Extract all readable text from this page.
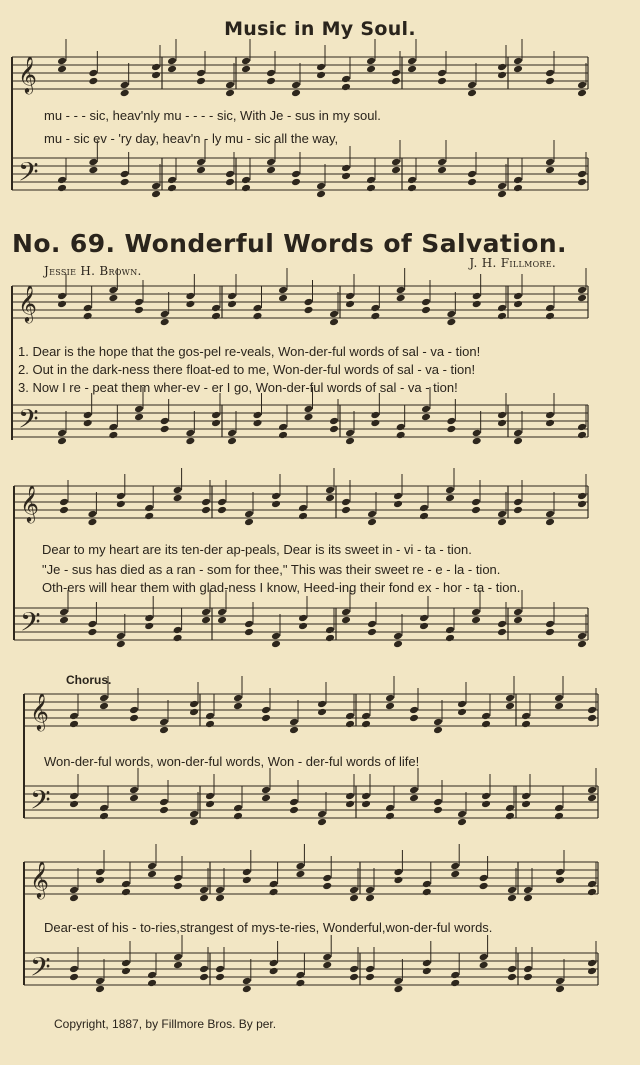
𝄞
𝄢
𝄞
𝄢
𝄞
𝄢
𝄞
𝄢
𝄞
𝄢
Music in My Soul.
mu - - - sic, heav'nly mu - - - - sic, With Je - sus in my soul.
mu - sic ev - 'ry day, heav'n - ly mu - sic all the way,
No. 69. Wonderful Words of Salvation.
Jessie H. Brown.
J. H. Fillmore.
1. Dear is the hope that the gos-pel re-veals, Won-der-ful words of sal - va - tion!
2. Out in the dark-ness there float-ed to me, Won-der-ful words of sal - va - tion!
3. Now I re - peat them wher-ev - er I go, Won-der-ful words of sal - va - tion!
Dear to my heart are its ten-der ap-peals, Dear is its sweet in - vi - ta - tion.
"Je - sus has died as a ran - som for thee," This was their sweet re - e - la - tion.
Oth-ers will hear them with glad-ness I know, Heed-ing their fond ex - hor - ta - tion.
Chorus.
Won-der-ful words, won-der-ful words, Won - der-ful words of life!
Dear-est of his - to-ries,strangest of mys-te-ries, Wonderful,won-der-ful words.
Copyright, 1887, by Fillmore Bros. By per.
